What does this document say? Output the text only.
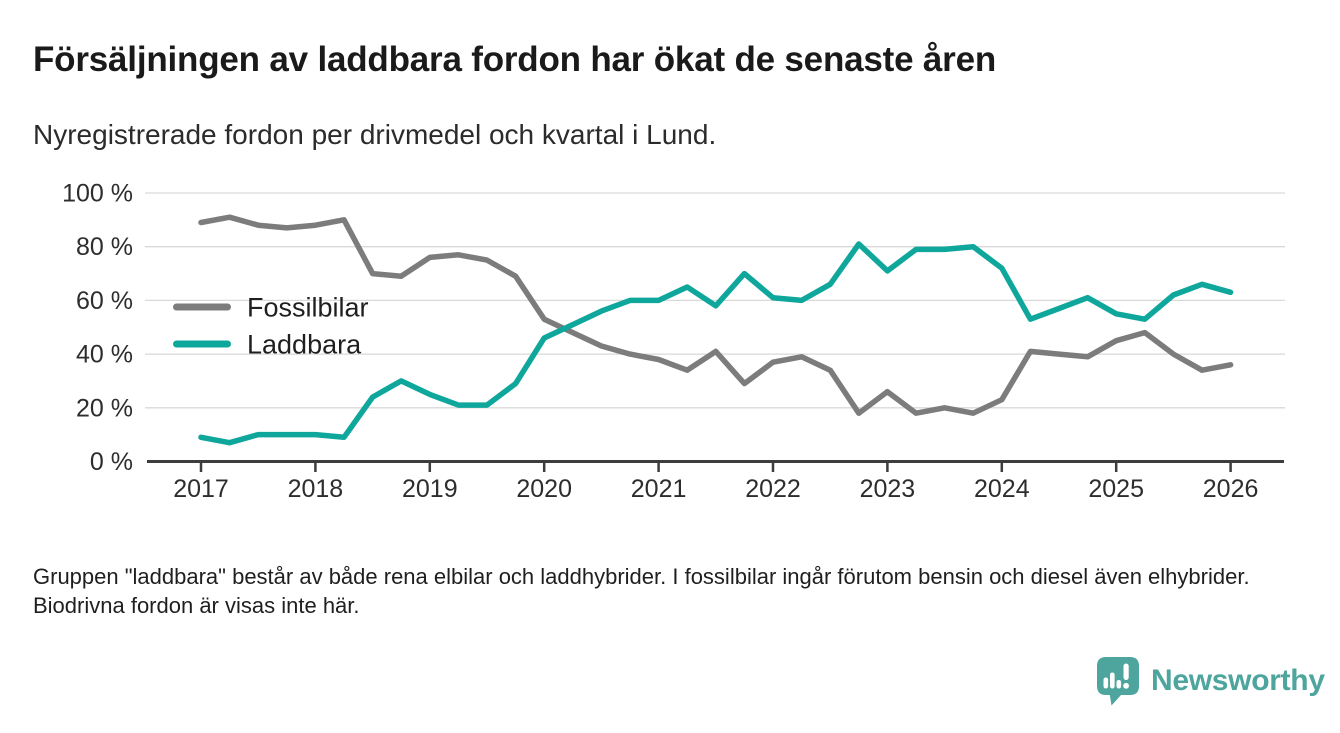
Försäljningen av laddbara fordon har ökat de senaste åren
Nyregistrerade fordon per drivmedel och kvartal i Lund.
0 %
20 %
40 %
60 %
80 %
100 %
2017 2018 2019 2020 2021 2022 2023 2024 2025 2026
Fossilbilar
Laddbara

Gruppen "laddbara" består av både rena elbilar och laddhybrider. I fossilbilar ingår förutom bensin och diesel även elhybrider. Biodrivna fordon är visas inte här.

Newsworthy
